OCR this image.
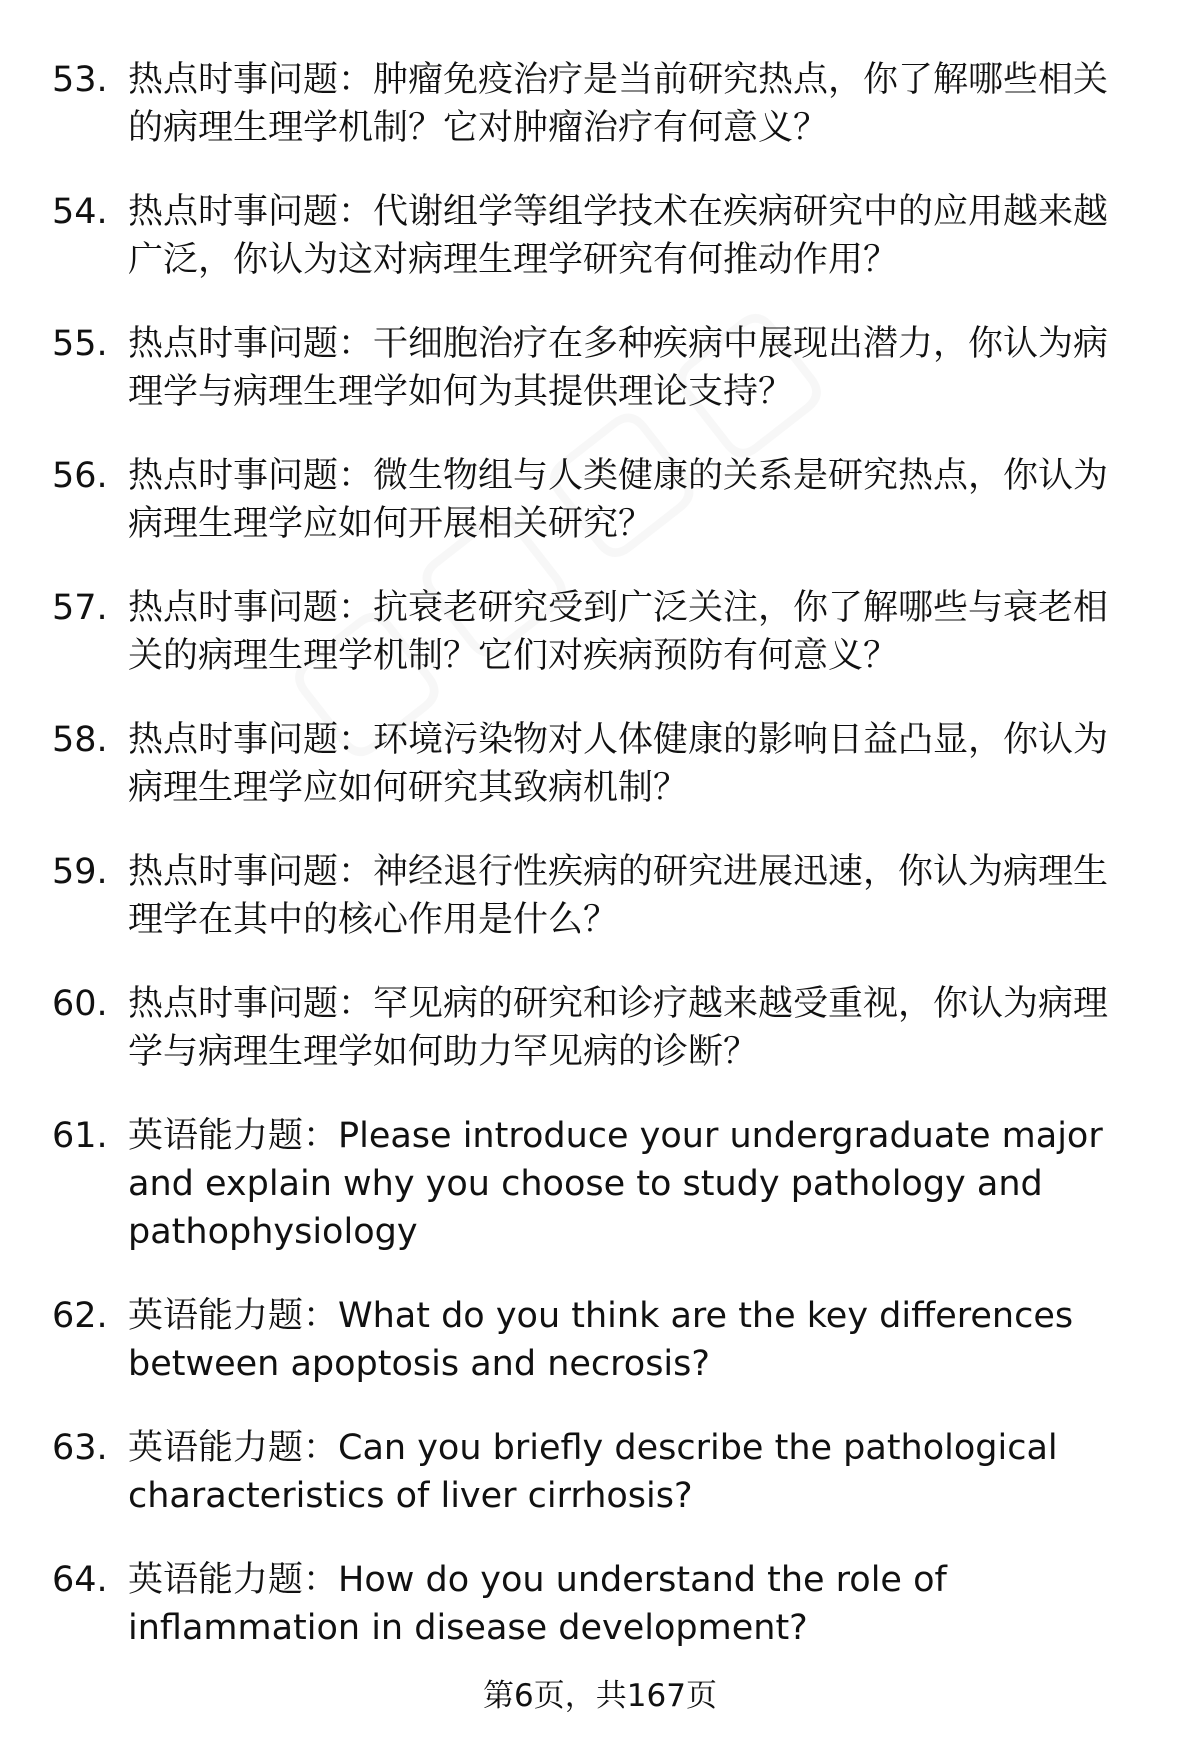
53. 热点时事问题：肿瘤免疫治疗是当前研究热点，你了解哪些相关的病理生理学机制？它对肿瘤治疗有何意义？
54. 热点时事问题：代谢组学等组学技术在疾病研究中的应用越来越广泛，你认为这对病理生理学研究有何推动作用？
55. 热点时事问题：干细胞治疗在多种疾病中展现出潜力，你认为病理学与病理生理学如何为其提供理论支持？
56. 热点时事问题：微生物组与人类健康的关系是研究热点，你认为病理生理学应如何开展相关研究？
57. 热点时事问题：抗衰老研究受到广泛关注，你了解哪些与衰老相关的病理生理学机制？它们对疾病预防有何意义？
58. 热点时事问题：环境污染物对人体健康的影响日益凸显，你认为病理生理学应如何研究其致病机制？
59. 热点时事问题：神经退行性疾病的研究进展迅速，你认为病理生理学在其中的核心作用是什么？
60. 热点时事问题：罕见病的研究和诊疗越来越受重视，你认为病理学与病理生理学如何助力罕见病的诊断？
61. 英语能力题：Please introduce your undergraduate major and explain why you choose to study pathology and pathophysiology
62. 英语能力题：What do you think are the key differences between apoptosis and necrosis?
63. 英语能力题：Can you briefly describe the pathological characteristics of liver cirrhosis?
64. 英语能力题：How do you understand the role of inflammation in disease development?
第6页，共167页
